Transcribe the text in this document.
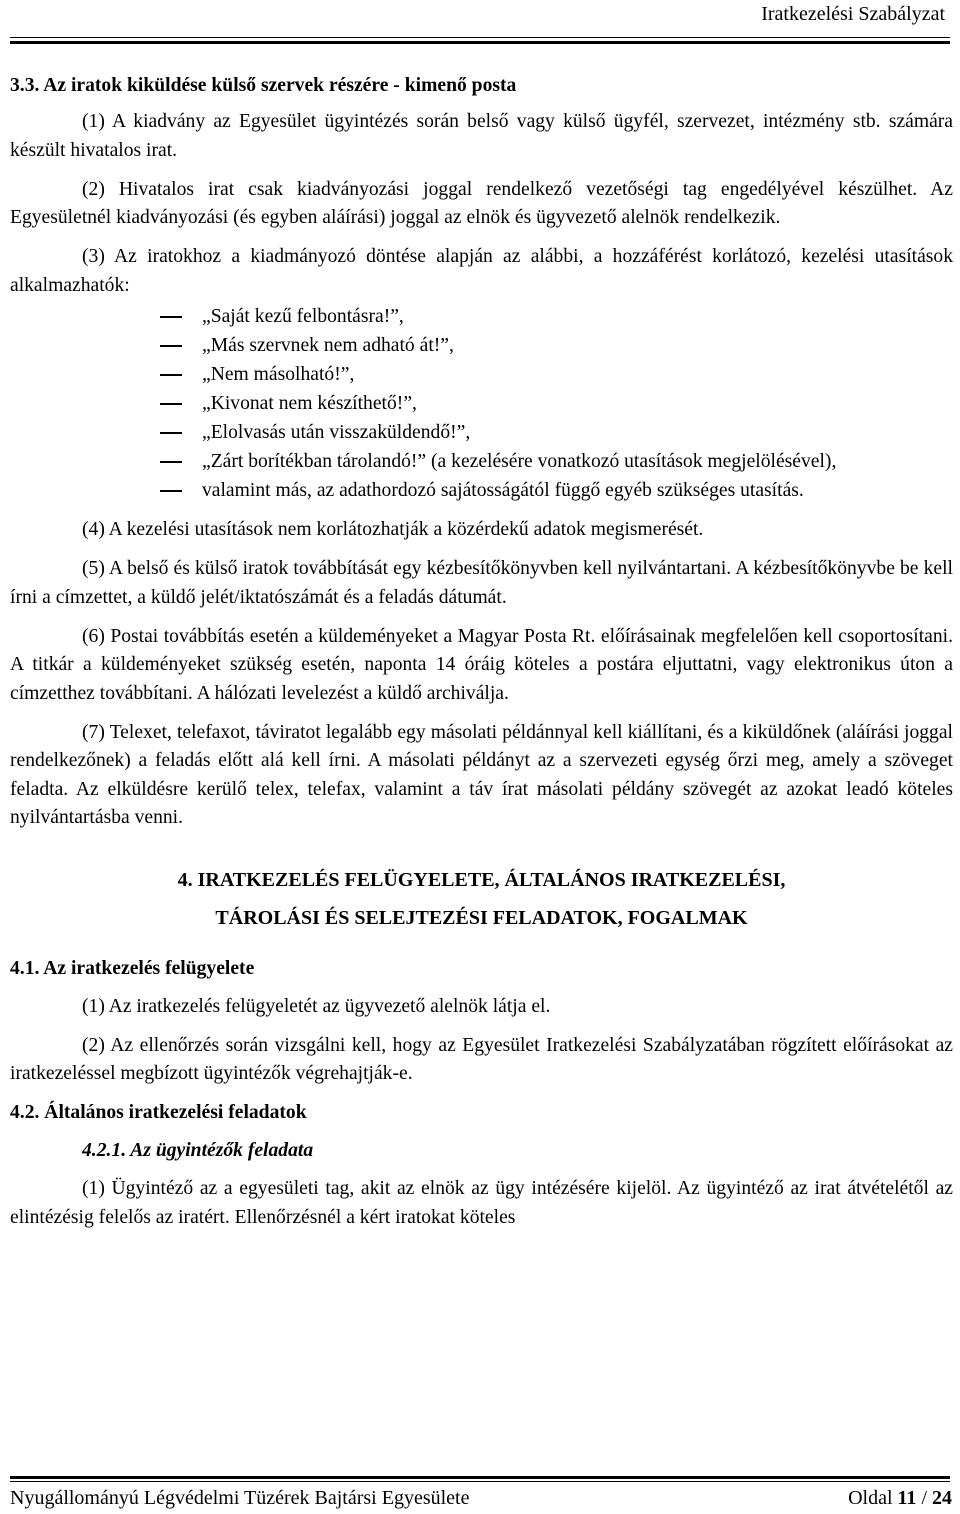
Iratkezelési Szabályzat
3.3. Az iratok kiküldése külső szervek részére - kimenő posta

(1) A kiadvány az Egyesület ügyintézés során belső vagy külső ügyfél, szervezet, intézmény stb. számára készült hivatalos irat.

(2) Hivatalos irat csak kiadványozási joggal rendelkező vezetőségi tag engedélyével készülhet. Az Egyesületnél kiadványozási (és egyben aláírási) joggal az elnök és ügyvezető alelnök rendelkezik.

(3) Az iratokhoz a kiadmányozó döntése alapján az alábbi, a hozzáférést korlátozó, kezelési utasítások alkalmazhatók:

„Saját kezű felbontásra!”,
„Más szervnek nem adható át!”,
„Nem másolható!”,
„Kivonat nem készíthető!”,
„Elolvasás után visszaküldendő!”,
„Zárt borítékban tárolandó!” (a kezelésére vonatkozó utasítások megjelölésével),
valamint más, az adathordozó sajátosságától függő egyéb szükséges utasítás.

(4) A kezelési utasítások nem korlátozhatják a közérdekű adatok megismerését.

(5) A belső és külső iratok továbbítását egy kézbesítőkönyvben kell nyilvántartani. A kézbesítőkönyvbe be kell írni a címzettet, a küldő jelét/iktatószámát és a feladás dátumát.

(6) Postai továbbítás esetén a küldeményeket a Magyar Posta Rt. előírásainak megfelelően kell csoportosítani. A titkár a küldeményeket szükség esetén, naponta 14 óráig köteles a postára eljuttatni, vagy elektronikus úton a címzetthez továbbítani. A hálózati levelezést a küldő archiválja.

(7) Telexet, telefaxot, táviratot legalább egy másolati példánnyal kell kiállítani, és a kiküldőnek (aláírási joggal rendelkezőnek) a feladás előtt alá kell írni. A másolati példányt az a szervezeti egység őrzi meg, amely a szöveget feladta. Az elküldésre kerülő telex, telefax, valamint a táv írat másolati példány szövegét az azokat leadó köteles nyilvántartásba venni.

4. IRATKEZELÉS FELÜGYELETE, ÁLTALÁNOS IRATKEZELÉSI,
TÁROLÁSI ÉS SELEJTEZÉSI FELADATOK, FOGALMAK
4.1. Az iratkezelés felügyelete

(1) Az iratkezelés felügyeletét az ügyvezető alelnök látja el.

(2) Az ellenőrzés során vizsgálni kell, hogy az Egyesület Iratkezelési Szabályzatában rögzített előírásokat az iratkezeléssel megbízott ügyintézők végrehajtják-e.

4.2. Általános iratkezelési feladatok
4.2.1. Az ügyintézők feladata

(1) Ügyintéző az a egyesületi tag, akit az elnök az ügy intézésére kijelöl. Az ügyintéző az irat átvételétől az elintézésig felelős az iratért. Ellenőrzésnél a kért iratokat köteles

Nyugállományú Légvédelmi Tüzérek Bajtársi Egyesülete	Oldal 11 / 24
